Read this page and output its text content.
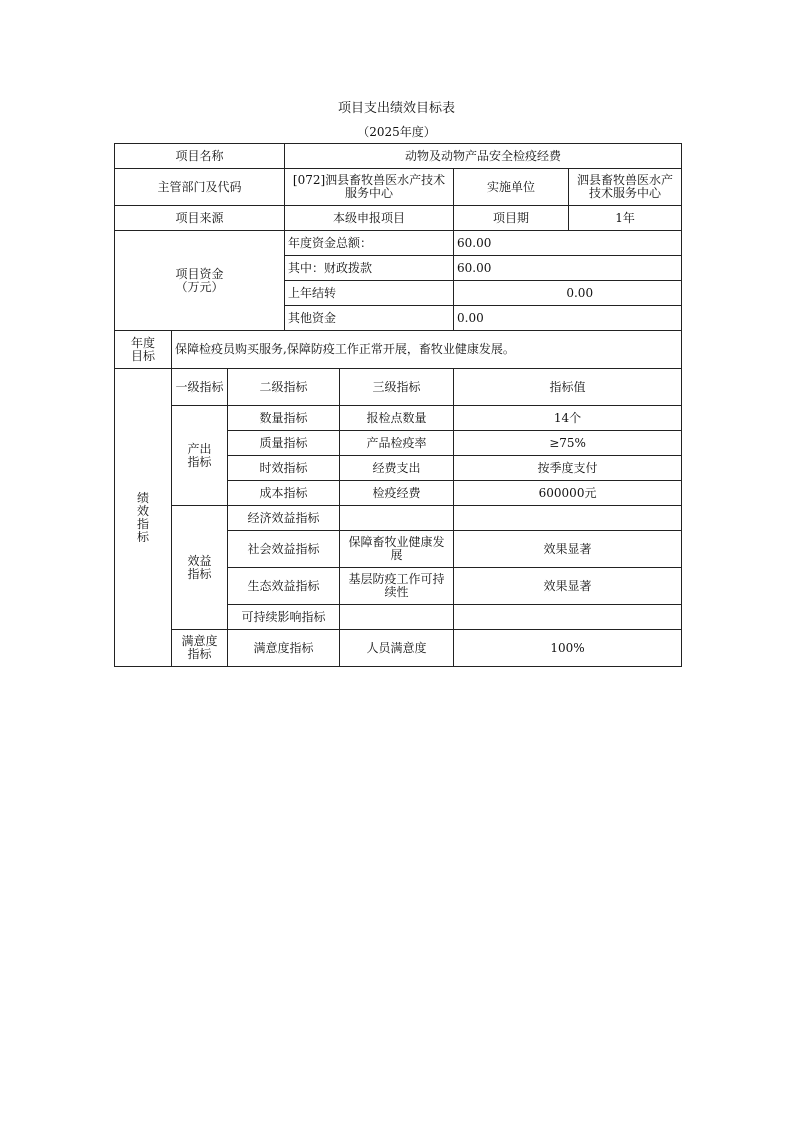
项目支出绩效目标表
（2025年度）
项目名称			动物及动物产品安全检疫经费			
主管部门及代码			[072]泗县畜牧兽医水产技术服务中心		实施单位	泗县畜牧兽医水产技术服务中心
项目来源			本级申报项目		项目期	1年

项目资金
（万元）			年度资金总额：		60.00	
			其中：财政拨款		60.00	
			上年结转		0.00	
			其他资金		0.00	

年度
目标	保障检疫员购买服务,保障防疫工作正常开展，畜牧业健康发展。					
绩效指标	一级指标	二级指标		三级指标	指标值	
	产出指标	数量指标		报检点数量	14个	
		质量指标		产品检疫率	≥75%	
		时效指标		经费支出	按季度支付	
		成本指标		检疫经费	600000元	
	效益指标	经济效益指标				
		社会效益指标		保障畜牧业健康发展	效果显著	
		生态效益指标		基层防疫工作可持续性	效果显著	
		可持续影响指标				
	满意度指标	满意度指标		人员满意度	100%	
